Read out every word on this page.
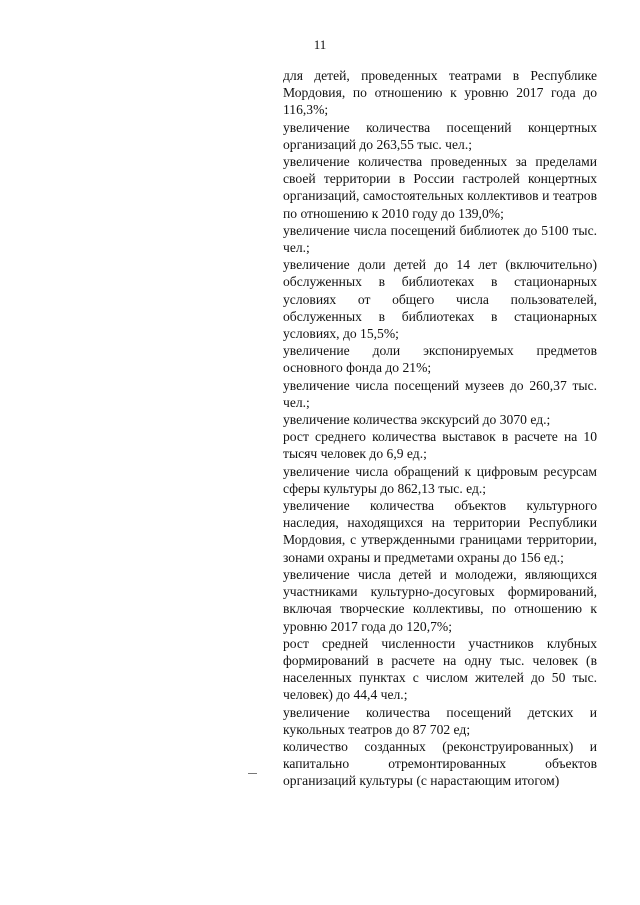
11

для детей, проведенных театрами в Республике Мордовия, по отношению к уровню 2017 года до 116,3%;

увеличение количества посещений концертных организаций до 263,55 тыс. чел.;

увеличение количества проведенных за пределами своей территории в России гастролей концертных организаций, самостоятельных коллективов и театров по отношению к 2010 году до 139,0%;

увеличение числа посещений библиотек до 5100 тыс. чел.;

увеличение доли детей до 14 лет (включительно) обслуженных в библиотеках в стационарных условиях от общего числа пользователей, обслуженных в библиотеках в стационарных условиях, до 15,5%;

увеличение доли экспонируемых предметов основного фонда до 21%;

увеличение числа посещений музеев до 260,37 тыс. чел.;

увеличение количества экскурсий до 3070 ед.;

рост среднего количества выставок в расчете на 10 тысяч человек до 6,9 ед.;

увеличение числа обращений к цифровым ресурсам сферы культуры до 862,13 тыс. ед.;

увеличение количества объектов культурного наследия, находящихся на территории Республики Мордовия, с утвержденными границами территории, зонами охраны и предметами охраны до 156 ед.;

увеличение числа детей и молодежи, являющихся участниками культурно-досуговых формирований, включая творческие коллективы, по отношению к уровню 2017 года до 120,7%;

рост средней численности участников клубных формирований в расчете на одну тыс. человек (в населенных пунктах с числом жителей до 50 тыс. человек) до 44,4 чел.;

увеличение количества посещений детских и кукольных театров до 87 702 ед;

количество созданных (реконструированных) и капитально отремонтированных объектов организаций культуры (с нарастающим итогом)
